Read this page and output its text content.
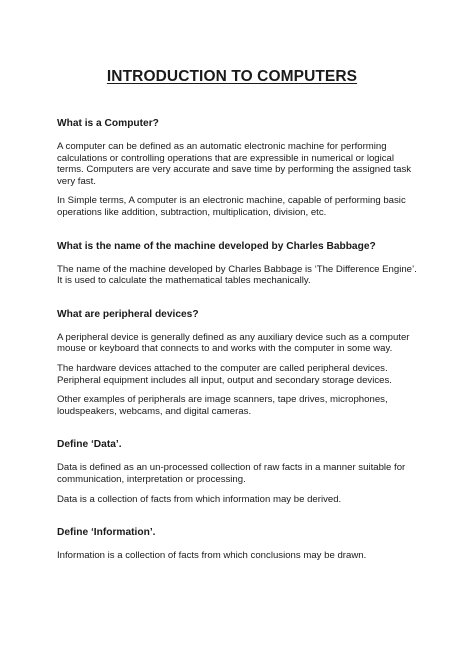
INTRODUCTION TO COMPUTERS

What is a Computer?

A computer can be defined as an automatic electronic machine for performing calculations or controlling operations that are expressible in numerical or logical terms. Computers are very accurate and save time by performing the assigned task very fast.

In Simple terms, A computer is an electronic machine, capable of performing basic operations like addition, subtraction, multiplication, division, etc.

What is the name of the machine developed by Charles Babbage?

The name of the machine developed by Charles Babbage is ‘The Difference Engine’. It is used to calculate the mathematical tables mechanically.

What are peripheral devices?

A peripheral device is generally defined as any auxiliary device such as a computer mouse or keyboard that connects to and works with the computer in some way.

The hardware devices attached to the computer are called peripheral devices. Peripheral equipment includes all input, output and secondary storage devices.

Other examples of peripherals are image scanners, tape drives, microphones, loudspeakers, webcams, and digital cameras.

Define ‘Data’.

Data is defined as an un-processed collection of raw facts in a manner suitable for communication, interpretation or processing.

Data is a collection of facts from which information may be derived.

Define ‘Information’.

Information is a collection of facts from which conclusions may be drawn.
